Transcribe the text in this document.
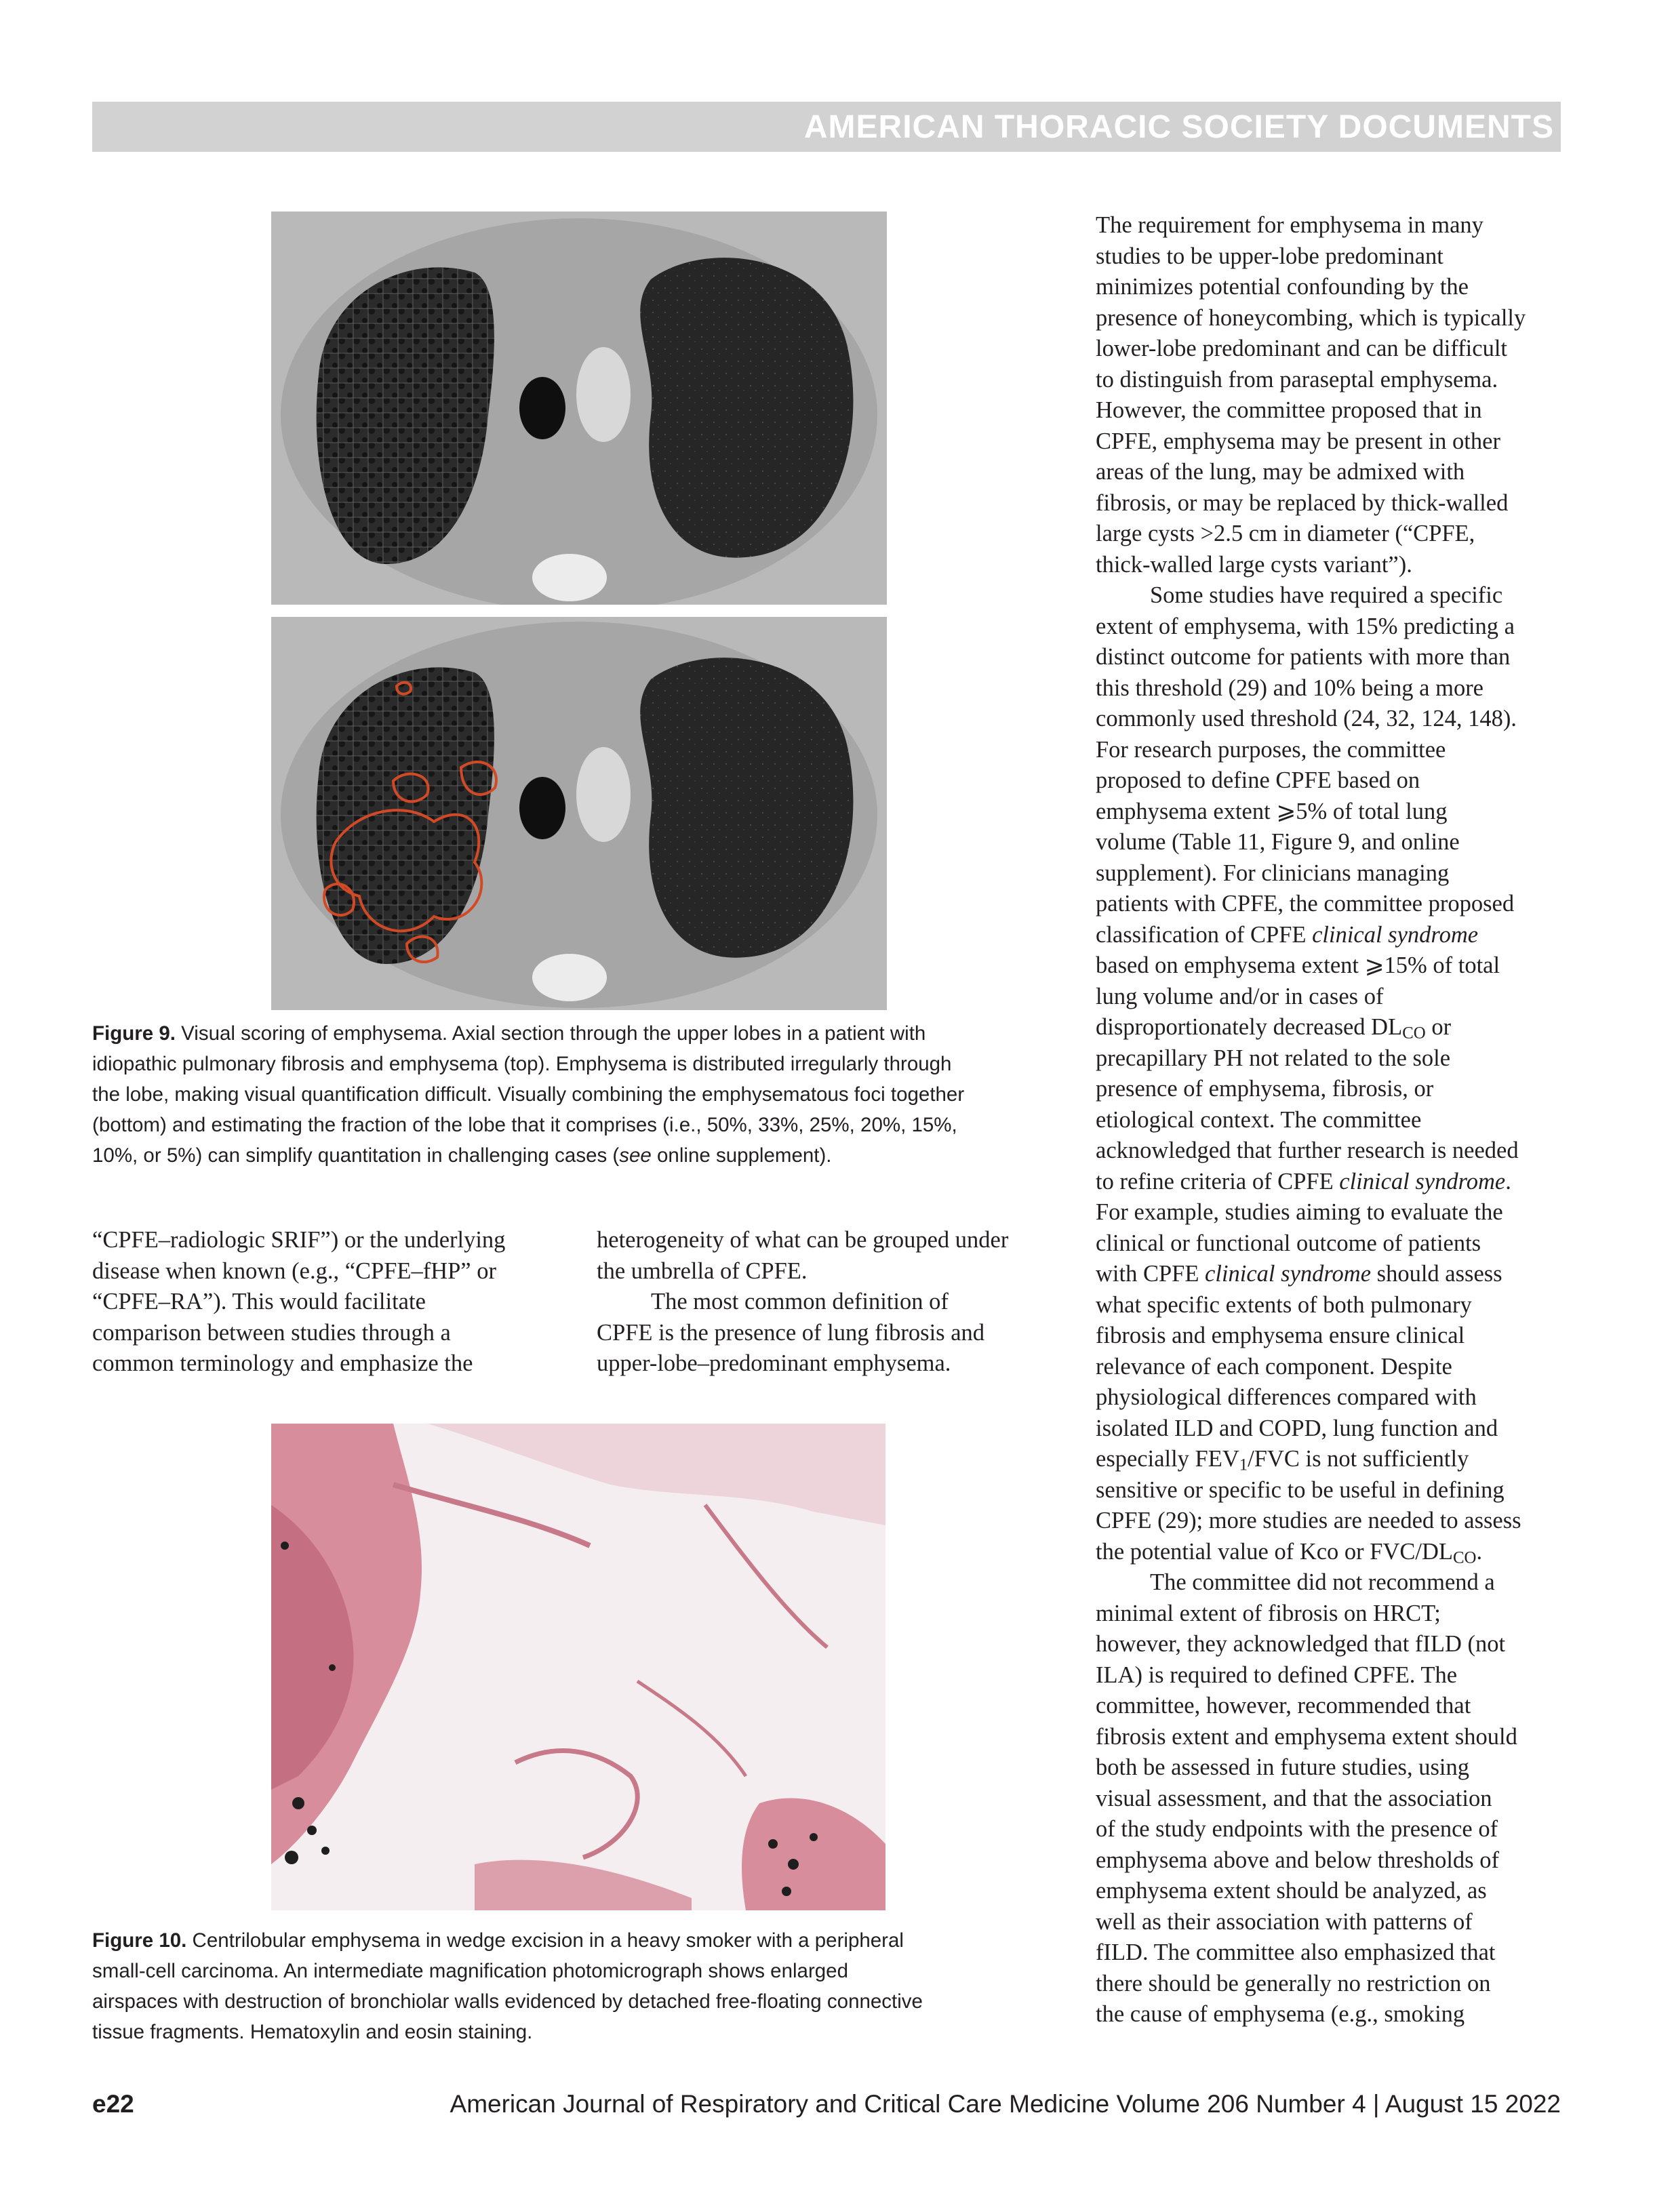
AMERICAN THORACIC SOCIETY DOCUMENTS
Figure 9. Visual scoring of emphysema. Axial section through the upper lobes in a patient with
idiopathic pulmonary fibrosis and emphysema (top). Emphysema is distributed irregularly through
the lobe, making visual quantification difficult. Visually combining the emphysematous foci together
(bottom) and estimating the fraction of the lobe that it comprises (i.e., 50%, 33%, 25%, 20%, 15%,
10%, or 5%) can simplify quantitation in challenging cases (see online supplement).
“CPFE–radiologic SRIF”) or the underlying
disease when known (e.g., “CPFE–fHP” or
“CPFE–RA”). This would facilitate
comparison between studies through a
common terminology and emphasize the
heterogeneity of what can be grouped under
the umbrella of CPFE.
The most common definition of
CPFE is the presence of lung fibrosis and
upper-lobe–predominant emphysema.
Figure 10. Centrilobular emphysema in wedge excision in a heavy smoker with a peripheral
small-cell carcinoma. An intermediate magnification photomicrograph shows enlarged
airspaces with destruction of bronchiolar walls evidenced by detached free-floating connective
tissue fragments. Hematoxylin and eosin staining.
The requirement for emphysema in many
studies to be upper-lobe predominant
minimizes potential confounding by the
presence of honeycombing, which is typically
lower-lobe predominant and can be difficult
to distinguish from paraseptal emphysema.
However, the committee proposed that in
CPFE, emphysema may be present in other
areas of the lung, may be admixed with
fibrosis, or may be replaced by thick-walled
large cysts >2.5 cm in diameter (“CPFE,
thick-walled large cysts variant”).
Some studies have required a specific
extent of emphysema, with 15% predicting a
distinct outcome for patients with more than
this threshold (29) and 10% being a more
commonly used threshold (24, 32, 124, 148).
For research purposes, the committee
proposed to define CPFE based on
emphysema extent ⩾5% of total lung
volume (Table 11, Figure 9, and online
supplement). For clinicians managing
patients with CPFE, the committee proposed
classification of CPFE clinical syndrome
based on emphysema extent ⩾15% of total
lung volume and/or in cases of
disproportionately decreased $DL_{CO}$ or
precapillary PH not related to the sole
presence of emphysema, fibrosis, or
etiological context. The committee
acknowledged that further research is needed
to refine criteria of CPFE clinical syndrome.
For example, studies aiming to evaluate the
clinical or functional outcome of patients
with CPFE clinical syndrome should assess
what specific extents of both pulmonary
fibrosis and emphysema ensure clinical
relevance of each component. Despite
physiological differences compared with
isolated ILD and COPD, lung function and
especially $FEV_1$/FVC is not sufficiently
sensitive or specific to be useful in defining
CPFE (29); more studies are needed to assess
the potential value of Kco or FVC/$DL_{CO}$.
The committee did not recommend a
minimal extent of fibrosis on HRCT;
however, they acknowledged that fILD (not
ILA) is required to defined CPFE. The
committee, however, recommended that
fibrosis extent and emphysema extent should
both be assessed in future studies, using
visual assessment, and that the association
of the study endpoints with the presence of
emphysema above and below thresholds of
emphysema extent should be analyzed, as
well as their association with patterns of
fILD. The committee also emphasized that
there should be generally no restriction on
the cause of emphysema (e.g., smoking
e22	American Journal of Respiratory and Critical Care Medicine Volume 206 Number 4 | August 15 2022
